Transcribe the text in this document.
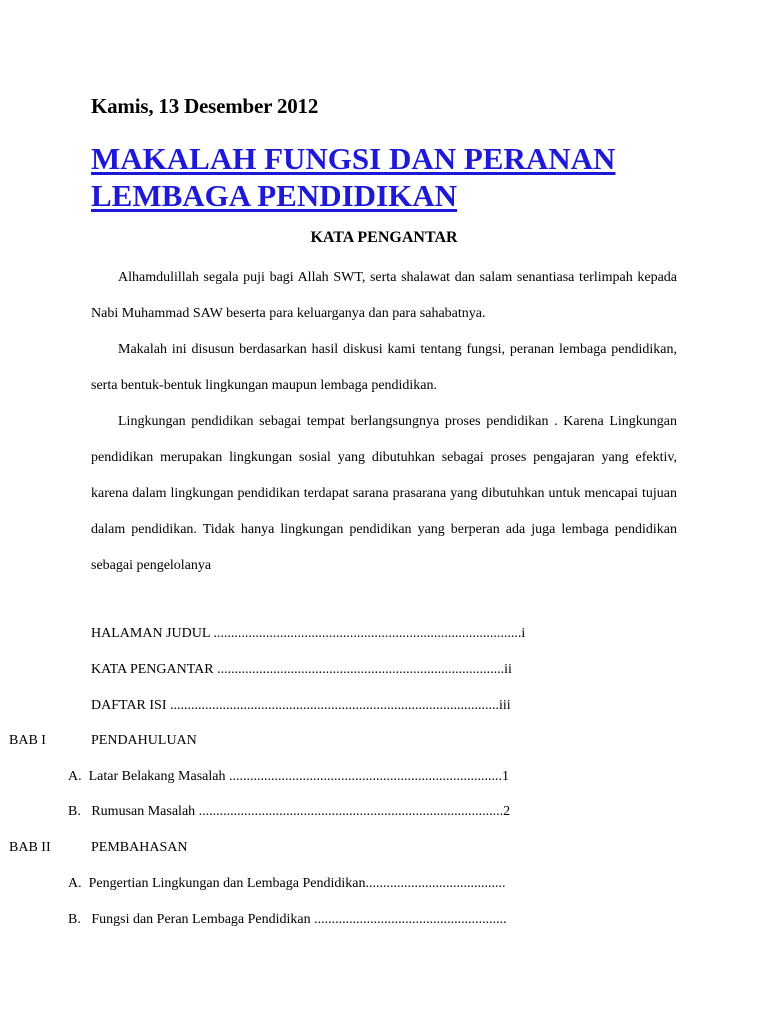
Kamis, 13 Desember 2012
MAKALAH FUNGSI DAN PERANAN
LEMBAGA PENDIDIKAN
KATA PENGANTAR

Alhamdulillah segala puji bagi Allah SWT, serta shalawat dan salam senantiasa terlimpah kepada Nabi Muhammad SAW beserta para keluarganya dan para sahabatnya.

Makalah ini disusun berdasarkan hasil diskusi kami tentang fungsi, peranan lembaga pendidikan, serta bentuk-bentuk lingkungan maupun lembaga pendidikan.

Lingkungan pendidikan sebagai tempat berlangsungnya proses pendidikan . Karena Lingkungan pendidikan merupakan lingkungan sosial yang dibutuhkan sebagai proses pengajaran yang efektiv, karena dalam lingkungan pendidikan terdapat sarana prasarana yang dibutuhkan untuk mencapai tujuan dalam pendidikan. Tidak hanya lingkungan pendidikan yang berperan ada juga lembaga pendidikan sebagai pengelolanya

HALAMAN JUDUL ........................................................................................i
KATA PENGANTAR ..................................................................................ii
DAFTAR ISI ..............................................................................................iii
BAB I	PENDAHULUAN
A. Latar Belakang Masalah ..............................................................................1
B. Rumusan Masalah .......................................................................................2
BAB II	PEMBAHASAN
A. Pengertian Lingkungan dan Lembaga Pendidikan........................................
B. Fungsi dan Peran Lembaga Pendidikan .......................................................
